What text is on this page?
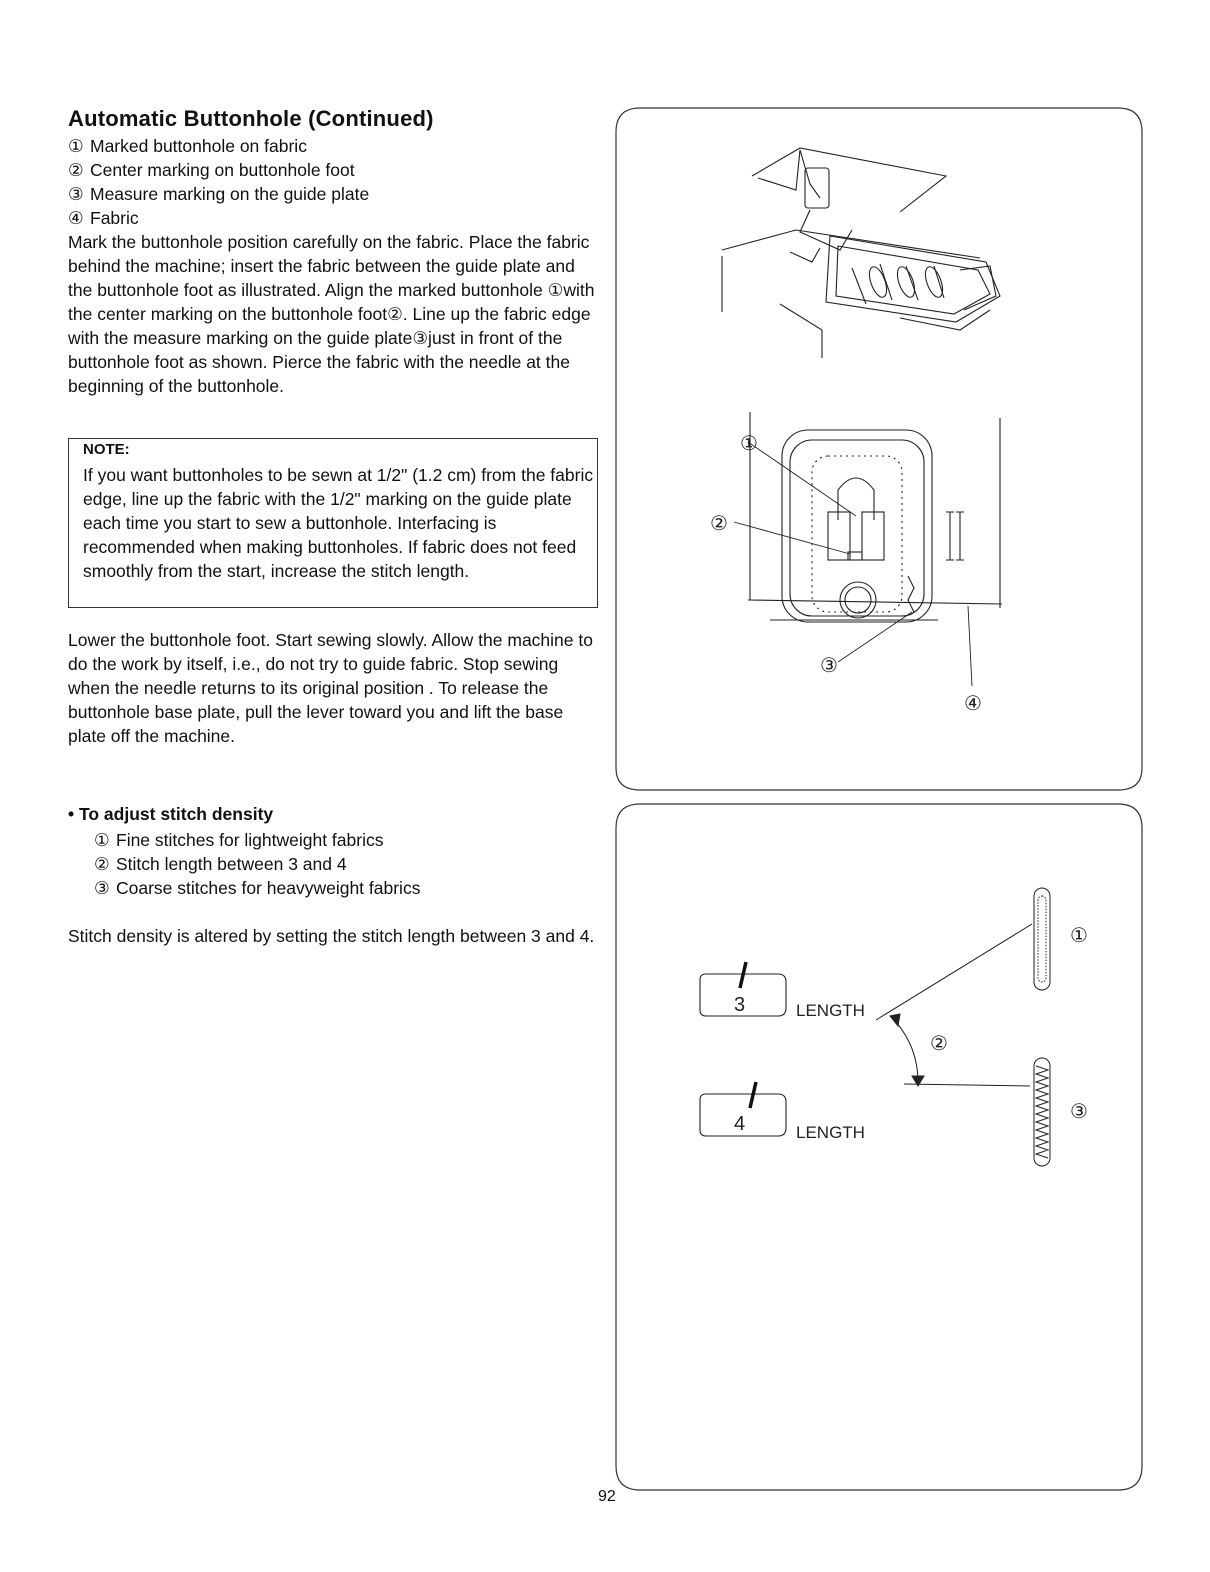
Automatic Buttonhole (Continued)
① Marked buttonhole on fabric
② Center marking on buttonhole foot
③ Measure marking on the guide plate
④ Fabric

Mark the buttonhole position carefully on the fabric. Place the fabric behind the machine; insert the fabric between the guide plate and the buttonhole foot as illustrated. Align the marked buttonhole ①with the center marking on the buttonhole foot②. Line up the fabric edge with the measure marking on the guide plate③just in front of the buttonhole foot as shown. Pierce the fabric with the needle at the beginning of the buttonhole.

NOTE:

If you want buttonholes to be sewn at 1/2" (1.2 cm) from the fabric edge, line up the fabric with the 1/2" marking on the guide plate each time you start to sew a buttonhole. Interfacing is recommended when making buttonholes. If fabric does not feed smoothly from the start, increase the stitch length.

Lower the buttonhole foot. Start sewing slowly. Allow the machine to do the work by itself, i.e., do not try to guide fabric. Stop sewing when the needle returns to its original position . To release the buttonhole base plate, pull the lever toward you and lift the base plate off the machine.

• To adjust stitch density
① Fine stitches for lightweight fabrics
② Stitch length between 3 and 4
③ Coarse stitches for heavyweight fabrics

Stitch density is altered by setting the stitch length between 3 and 4.

92
①
②
③
④
3	LENGTH
4	LENGTH
①
②
③
